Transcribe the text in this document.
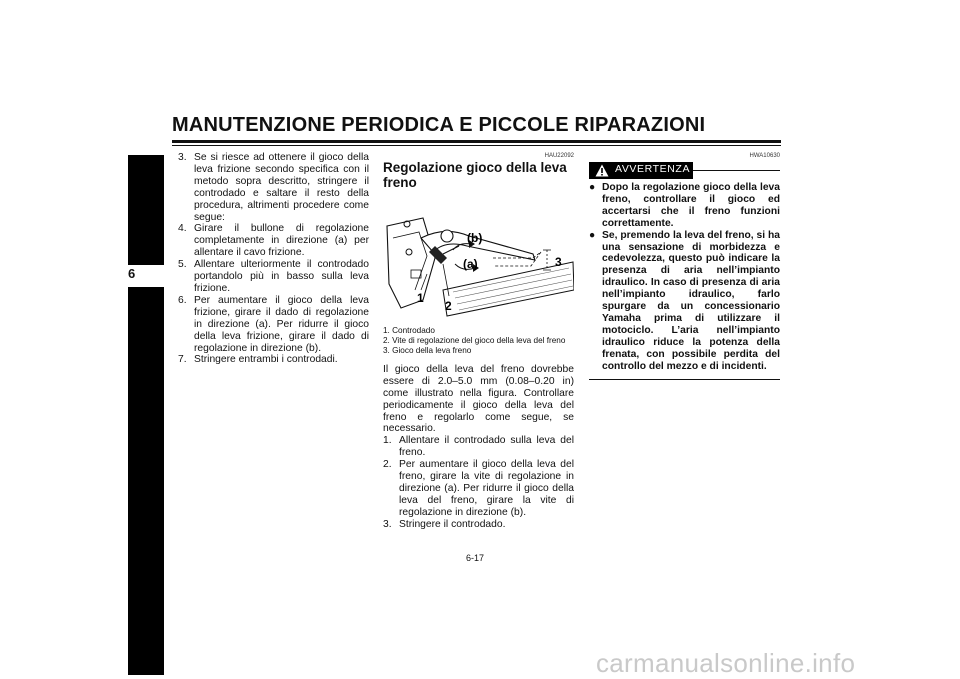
MANUTENZIONE PERIODICA E PICCOLE RIPARAZIONI
6
3. Se si riesce ad ottenere il gioco della leva frizione secondo specifica con il metodo sopra descritto, stringere il controdado e saltare il resto della procedura, altrimenti procedere come segue:
4. Girare il bullone di regolazione completamente in direzione (a) per allentare il cavo frizione.
5. Allentare ulteriormente il controdado portandolo più in basso sulla leva frizione.
6. Per aumentare il gioco della leva frizione, girare il dado di regolazione in direzione (a). Per ridurre il gioco della leva frizione, girare il dado di regolazione in direzione (b).
7. Stringere entrambi i controdadi.
HAU22092
Regolazione gioco della leva freno
(b)
(a)
1
2
3
1. Controdado
2. Vite di regolazione del gioco della leva del freno
3. Gioco della leva freno
Il gioco della leva del freno dovrebbe essere di 2.0–5.0 mm (0.08–0.20 in) come illustrato nella figura. Controllare periodicamente il gioco della leva del freno e regolarlo come segue, se necessario.
1. Allentare il controdado sulla leva del freno.
2. Per aumentare il gioco della leva del freno, girare la vite di regolazione in direzione (a). Per ridurre il gioco della leva del freno, girare la vite di regolazione in direzione (b).
3. Stringere il controdado.
HWA10630
AVVERTENZA
● Dopo la regolazione gioco della leva freno, controllare il gioco ed accertarsi che il freno funzioni correttamente.
● Se, premendo la leva del freno, si ha una sensazione di morbidezza e cedevolezza, questo può indicare la presenza di aria nell’impianto idraulico. In caso di presenza di aria nell’impianto idraulico, farlo spurgare da un concessionario Yamaha prima di utilizzare il motociclo. L’aria nell’impianto idraulico riduce la potenza della frenata, con possibile perdita del controllo del mezzo e di incidenti.
6-17
carmanualsonline.info
